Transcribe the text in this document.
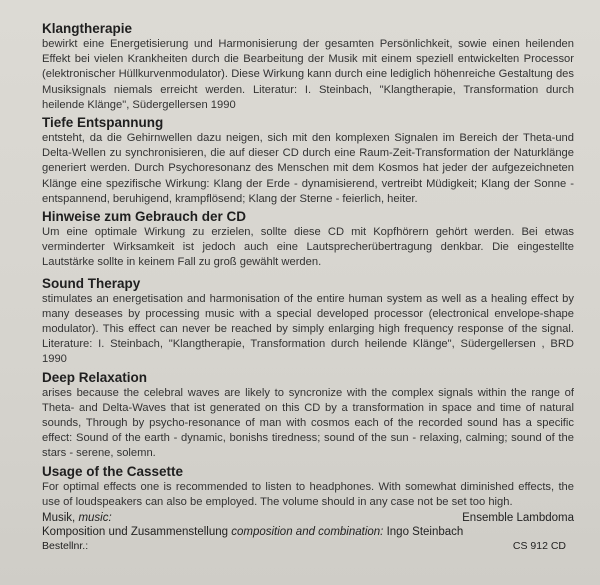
Klangtherapie

bewirkt eine Energetisierung und Harmonisierung der gesamten Persönlichkeit, sowie einen heilenden Effekt bei vielen Krankheiten durch die Bearbeitung der Musik mit einem speziell entwickelten Processor (elektronischer Hüllkurvenmodulator). Diese Wirkung kann durch eine lediglich höhenreiche Gestaltung des Musiksignals niemals erreicht werden. Literatur: I. Steinbach, "Klangtherapie, Transformation durch heilende Klänge", Südergellersen 1990

Tiefe Entspannung

entsteht, da die Gehirnwellen dazu neigen, sich mit den komplexen Signalen im Bereich der Theta-und Delta-Wellen zu synchronisieren, die auf dieser CD durch eine Raum-Zeit-Transformation der Naturklänge generiert werden. Durch Psychoresonanz des Menschen mit dem Kosmos hat jeder der aufgezeichneten Klänge eine spezifische Wirkung: Klang der Erde - dynamisierend, vertreibt Müdigkeit; Klang der Sonne - entspannend, beruhigend, krampflösend; Klang der Sterne - feierlich, heiter.

Hinweise zum Gebrauch der CD

Um eine optimale Wirkung zu erzielen, sollte diese CD mit Kopfhörern gehört werden. Bei etwas verminderter Wirksamkeit ist jedoch auch eine Lautsprecherübertragung denkbar. Die eingestellte Lautstärke sollte in keinem Fall zu groß gewählt werden.

Sound Therapy

stimulates an energetisation and harmonisation of the entire human system as well as a healing effect by many deseases by processing music with a special developed processor (electronical envelope-shape modulator). This effect can never be reached by simply enlarging high frequency response of the signal. Literature: I. Steinbach, "Klangtherapie, Transformation durch heilende Klänge", Südergellersen , BRD 1990

Deep Relaxation

arises because the celebral waves are likely to syncronize with the complex signals within the range of Theta- and Delta-Waves that ist generated on this CD by a transformation in space and time of natural sounds, Through by psycho-resonance of man with cosmos each of the recorded sound has a specific effect: Sound of the earth - dynamic, bonishs tiredness; sound of the sun - relaxing, calming; sound of the stars - serene, solemn.

Usage of the Cassette

For optimal effects one is recommended to listen to headphones. With somewhat diminished effects, the use of loudspeakers can also be employed. The volume should in any case not be set too high.

Musik, music:	Ensemble Lambdoma
Komposition und Zusammenstellung composition and combination: Ingo Steinbach
Bestellnr.:	CS 912 CD
